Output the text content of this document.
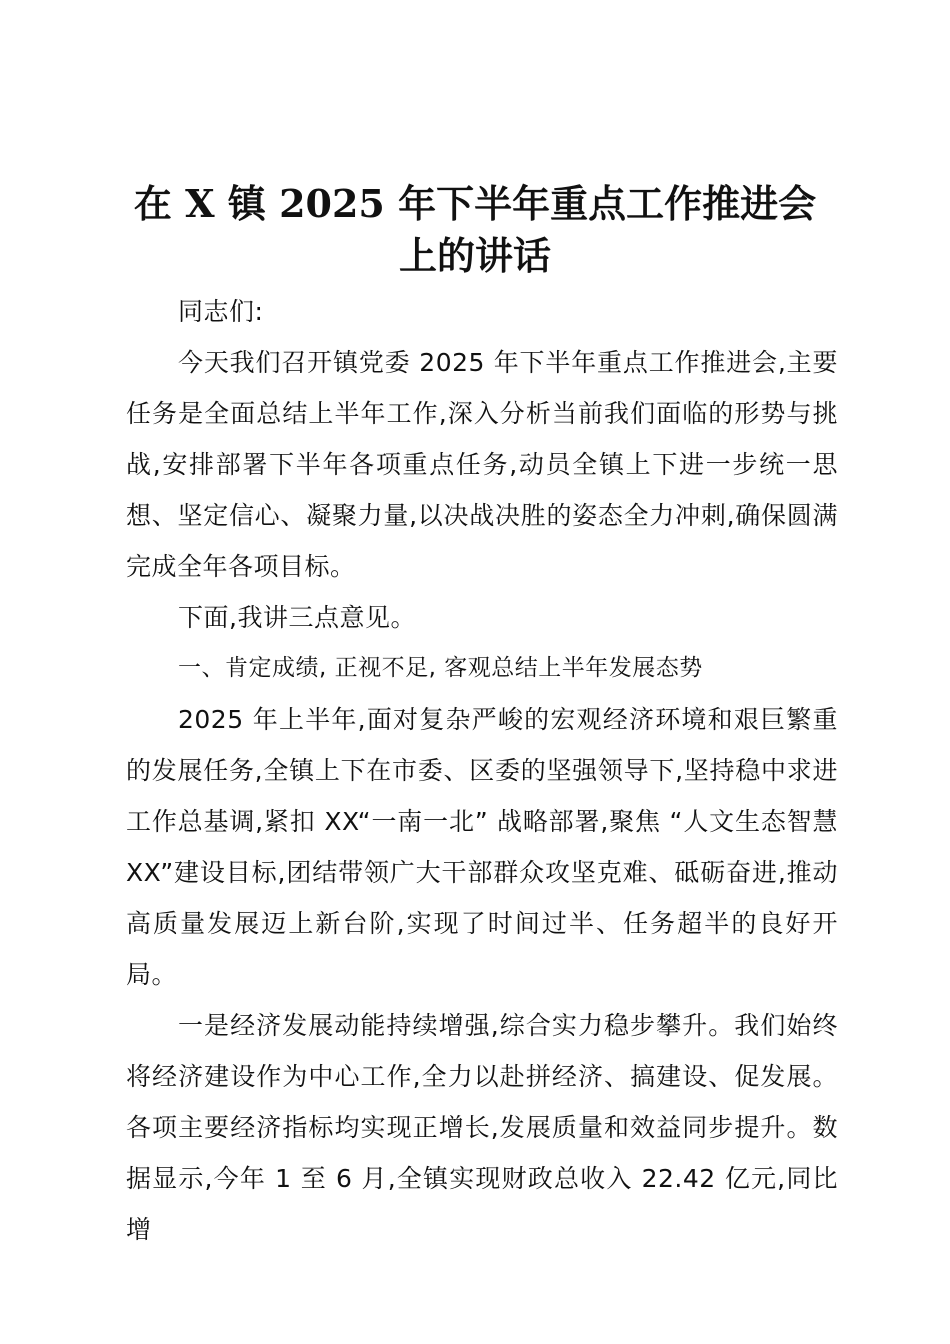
在 X 镇 2025 年下半年重点工作推进会上的讲话

同志们:

今天我们召开镇党委 2025 年下半年重点工作推进会,主要任务是全面总结上半年工作,深入分析当前我们面临的形势与挑战,安排部署下半年各项重点任务,动员全镇上下进一步统一思想、坚定信心、凝聚力量,以决战决胜的姿态全力冲刺,确保圆满完成全年各项目标。

下面,我讲三点意见。

一、肯定成绩, 正视不足, 客观总结上半年发展态势

2025 年上半年,面对复杂严峻的宏观经济环境和艰巨繁重的发展任务,全镇上下在市委、区委的坚强领导下,坚持稳中求进工作总基调,紧扣 XX“一南一北” 战略部署,聚焦 “人文生态智慧 XX”建设目标,团结带领广大干部群众攻坚克难、砥砺奋进,推动高质量发展迈上新台阶,实现了时间过半、任务超半的良好开局。

一是经济发展动能持续增强,综合实力稳步攀升。我们始终将经济建设作为中心工作,全力以赴拼经济、搞建设、促发展。各项主要经济指标均实现正增长,发展质量和效益同步提升。数据显示,今年 1 至 6 月,全镇实现财政总收入 22.42 亿元,同比增
